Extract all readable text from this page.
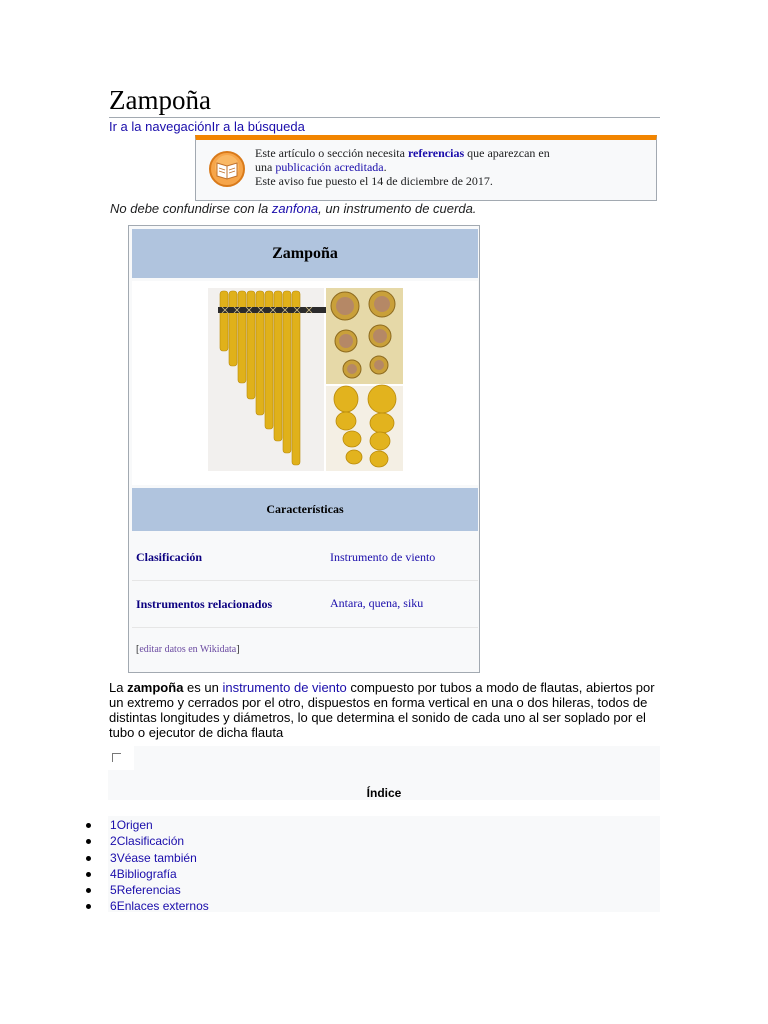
Zampoña
Ir a la navegaciónIr a la búsqueda
Este artículo o sección necesita referencias que aparezcan en
una publicación acreditada.
Este aviso fue puesto el 14 de diciembre de 2017.
No debe confundirse con la zanfona, un instrumento de cuerda.
Zampoña
Características
Clasificación	Instrumento de viento
Instrumentos relacionados	Antara, quena, siku
[editar datos en Wikidata]
La zampoña es un instrumento de viento compuesto por tubos a modo de flautas, abiertos por un extremo y cerrados por el otro, dispuestos en forma vertical en una o dos hileras, todos de distintas longitudes y diámetros, lo que determina el sonido de cada uno al ser soplado por el tubo o ejecutor de dicha flauta
Índice
1Origen
2Clasificación
3Véase también
4Bibliografía
5Referencias
6Enlaces externos
